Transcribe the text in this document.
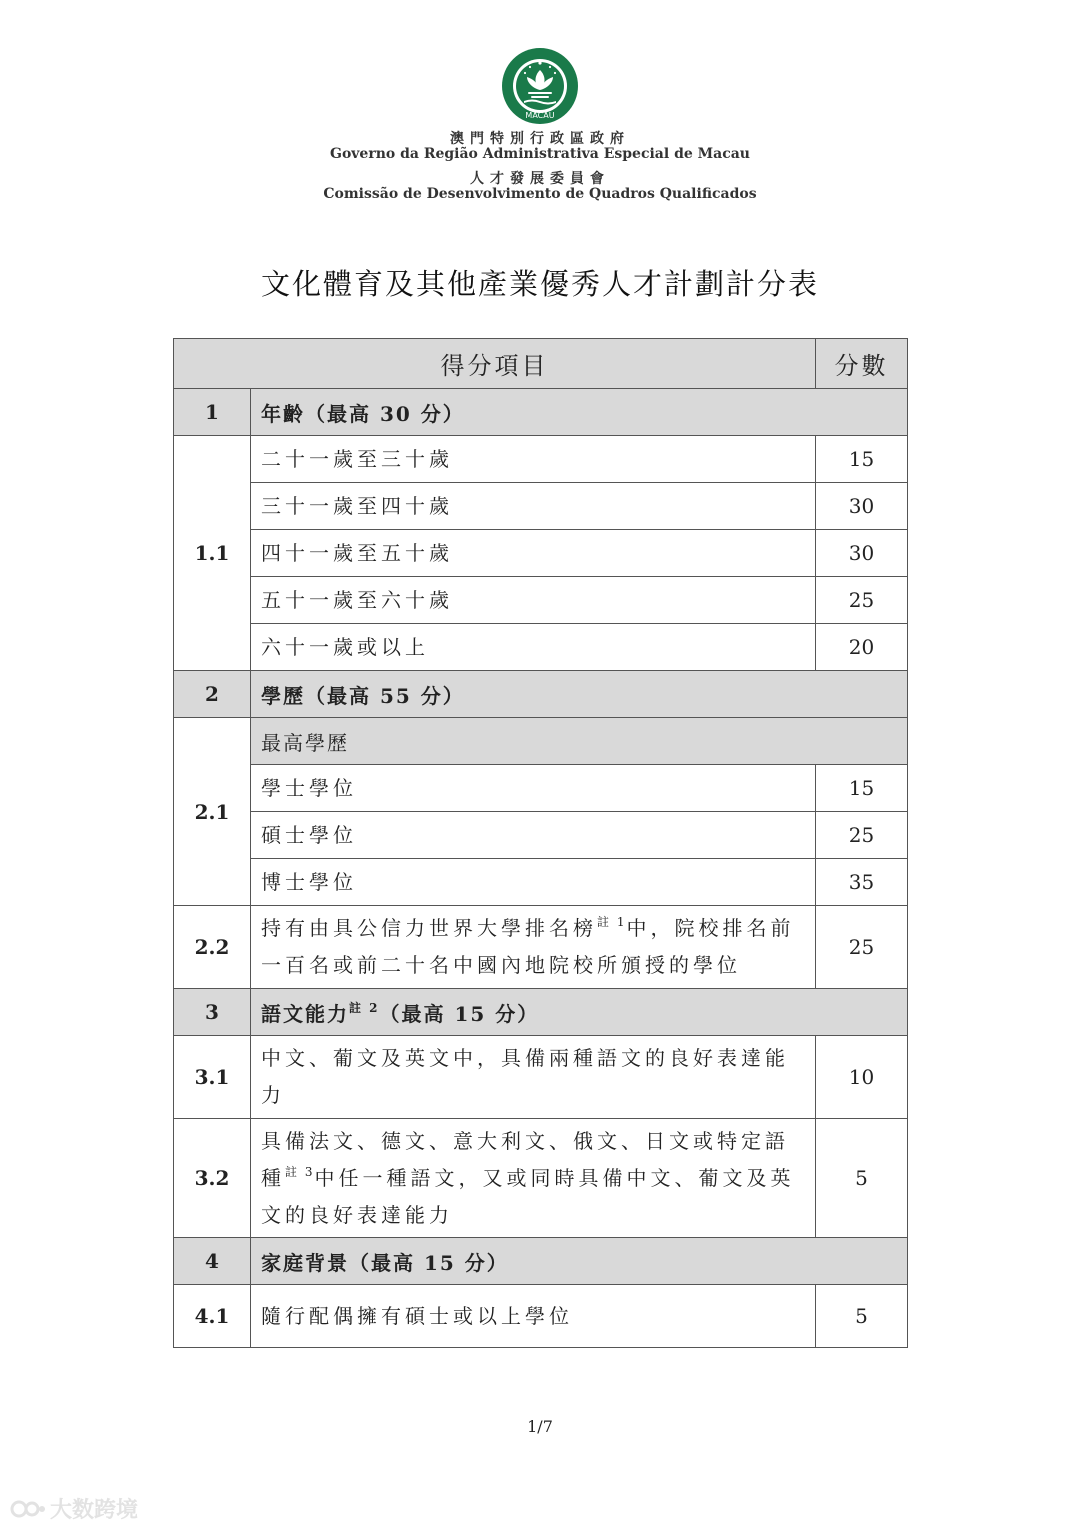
MACAU
澳門特別行政區政府
Governo da Região Administrativa Especial de Macau
人才發展委員會
Comissão de Desenvolvimento de Quadros Qualificados
文化體育及其他產業優秀人才計劃計分表
得分項目		分數
1	年齡（最高 30 分）	
1.1	二十一歲至三十歲	15
	三十一歲至四十歲	30
	四十一歲至五十歲	30
	五十一歲至六十歲	25
	六十一歲或以上	20
2	學歷（最高 55 分）	
2.1	最高學歷	
	學士學位	15
	碩士學位	25
	博士學位	35
2.2	持有由具公信力世界大學排名榜$^{註 1}$中，院校排名前一百名或前二十名中國內地院校所頒授的學位	25
3	語文能力$^{註 2}$（最高 15 分）	
3.1	中文、葡文及英文中，具備兩種語文的良好表達能力	10
3.2	具備法文、德文、意大利文、俄文、日文或特定語種$^{註 3}$中任一種語文，又或同時具備中文、葡文及英文的良好表達能力	5
4	家庭背景（最高 15 分）	
4.1	隨行配偶擁有碩士或以上學位	5
1/7
大数跨境
